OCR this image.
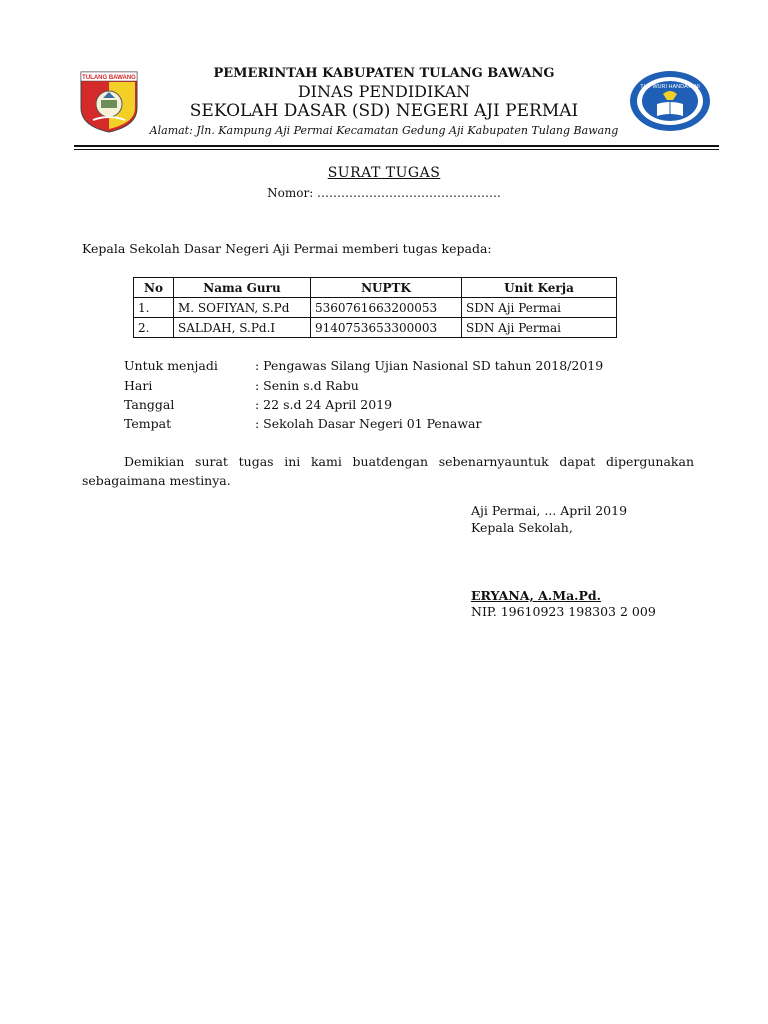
TULANG BAWANG
TUT WURI HANDAYANI
PEMERINTAH KABUPATEN TULANG BAWANG
DINAS PENDIDIKAN
SEKOLAH DASAR (SD) NEGERI AJI PERMAI
Alamat: Jln. Kampung Aji Permai Kecamatan Gedung Aji Kabupaten Tulang Bawang
SURAT TUGAS
Nomor: ……………………………………….
Kepala Sekolah Dasar Negeri Aji Permai memberi tugas kepada:
No	Nama Guru	NUPTK	Unit Kerja
1.	M. SOFIYAN, S.Pd	5360761663200053	SDN Aji Permai
2.	SALDAH, S.Pd.I	9140753653300003	SDN Aji Permai
Untuk menjadi	: Pengawas Silang Ujian Nasional SD tahun 2018/2019
Hari	: Senin s.d Rabu
Tanggal	: 22 s.d 24 April 2019
Tempat	: Sekolah Dasar Negeri 01 Penawar
Demikian surat tugas ini kami buatdengan sebenarnyauntuk dapat dipergunakan sebagaimana mestinya.
Aji Permai, ... April 2019
Kepala Sekolah,
ERYANA, A.Ma.Pd.
NIP. 19610923 198303 2 009
